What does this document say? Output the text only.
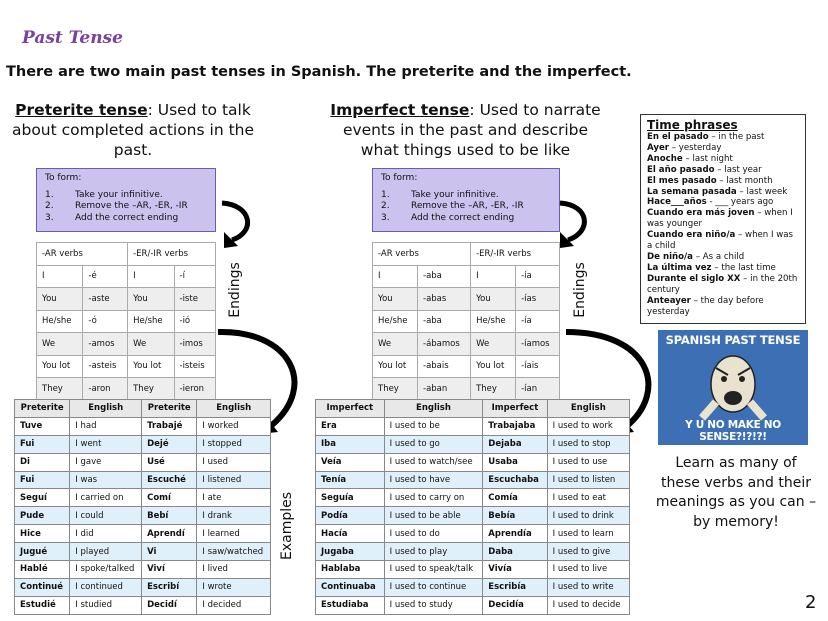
Past Tense
There are two main past tenses in Spanish. The preterite and the imperfect.
Preterite tense: Used to talk about completed actions in the past.
Imperfect tense: Used to narrate events in the past and describe what things used to be like
To form:
1.	Take your infinitive.
2.	Remove the –AR, -ER, -IR
3.	Add the correct ending
To form:
1.	Take your infinitive.
2.	Remove the –AR, -ER, -IR
3.	Add the correct ending
-AR verbs		-ER/-IR verbs	
I	-é	I	-í
You	-aste	You	-iste
He/she	-ó	He/she	-ió
We	-amos	We	-imos
You lot	-asteis	You lot	-isteis
They	-aron	They	-ieron
-AR verbs		-ER/-IR verbs	
I	-aba	I	-ía
You	-abas	You	-ías
He/she	-aba	He/she	-ía
We	-ábamos	We	-íamos
You lot	-abais	You lot	-íais
They	-aban	They	-ían
Endings	Endings
Examples
Preterite	English	Preterite	English
Tuve	I had	Trabajé	I worked
Fui	I went	Dejé	I stopped
Di	I gave	Usé	I used
Fui	I was	Escuché	I listened
Seguí	I carried on	Comí	I ate
Pude	I could	Bebí	I drank
Hice	I did	Aprendí	I learned
Jugué	I played	Vi	I saw/watched
Hablé	I spoke/talked	Viví	I lived
Continué	I continued	Escribí	I wrote
Estudié	I studied	Decidí	I decided
Imperfect	English	Imperfect	English
Era	I used to be	Trabajaba	I used to work
Iba	I used to go	Dejaba	I used to stop
Veía	I used to watch/see	Usaba	I used to use
Tenía	I used to have	Escuchaba	I used to listen
Seguía	I used to carry on	Comía	I used to eat
Podía	I used to be able	Bebía	I used to drink
Hacía	I used to do	Aprendía	I used to learn
Jugaba	I used to play	Daba	I used to give
Hablaba	I used to speak/talk	Vivía	I used to live
Continuaba	I used to continue	Escribía	I used to write
Estudiaba	I used to study	Decidía	I used to decide
Time phrases
En el pasado – in the past
Ayer – yesterday
Anoche – last night
El año pasado – last year
El mes pasado – last month
La semana pasada – last week
Hace___años - ___ years ago
Cuando era más joven – when I was younger
Cuando era niño/a – when I was a child
De niño/a – As a child
La última vez – the last time
Durante el siglo XX – in the 20th century
Anteayer – the day before yesterday
SPANISH PAST TENSE
Y U NO MAKE NO SENSE?!?!?!
Learn as many of these verbs and their meanings as you can – by memory!
2
